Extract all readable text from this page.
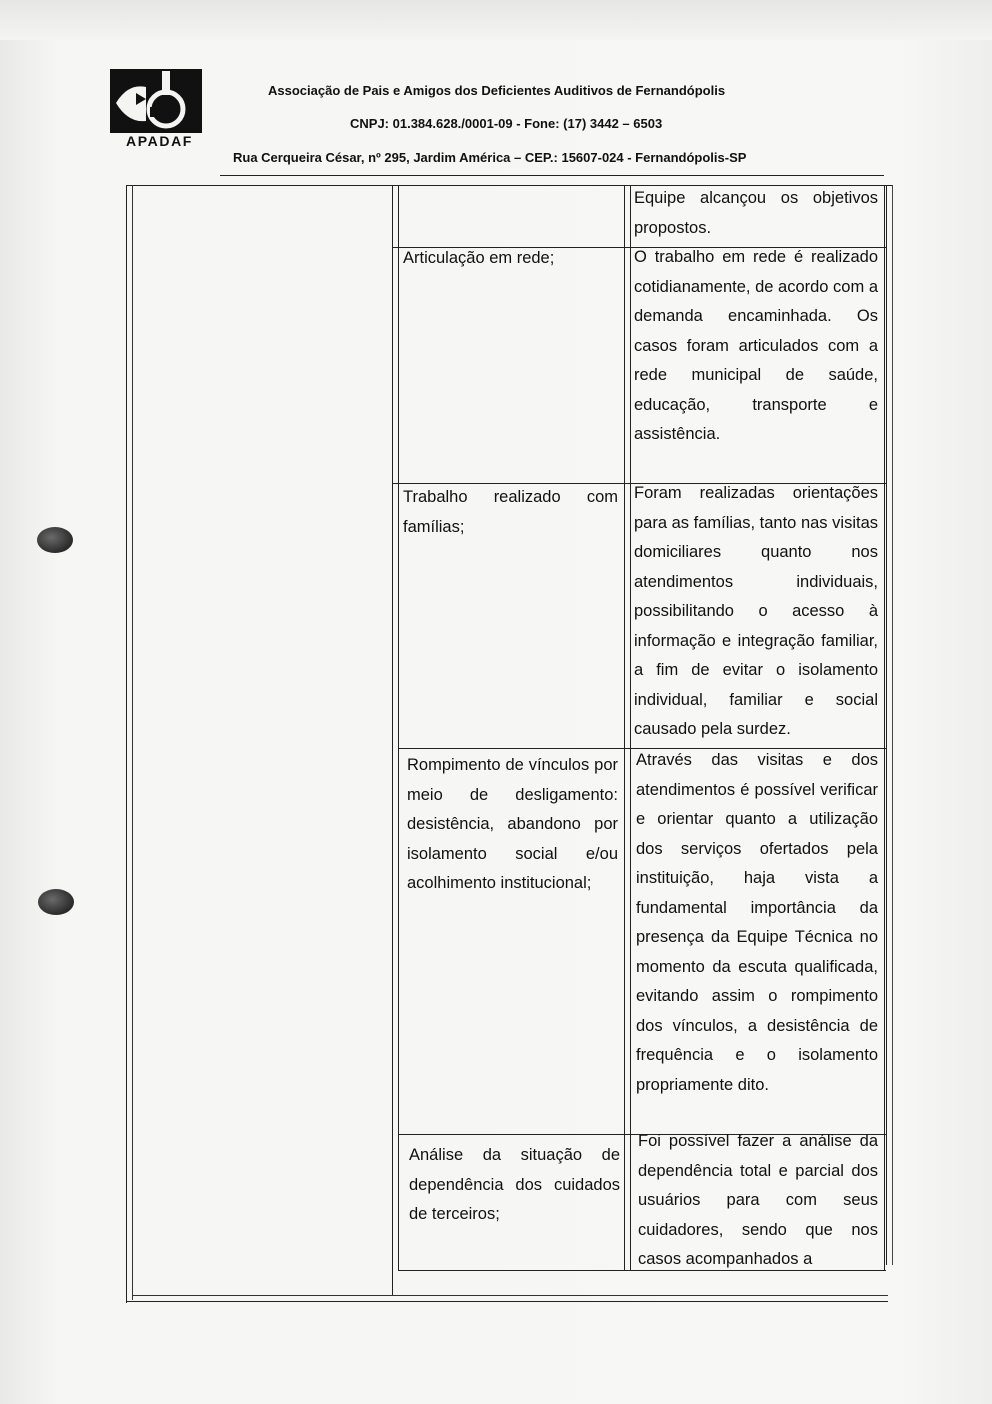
APADAF
Associação de Pais e Amigos dos Deficientes Auditivos de Fernandópolis
CNPJ: 01.384.628./0001-09 - Fone: (17) 3442 – 6503
Rua Cerqueira César, nº 295, Jardim América – CEP.: 15607-024 - Fernandópolis-SP
Equipe alcançou os objetivos propostos.
Articulação em rede;	O trabalho em rede é realizado cotidianamente, de acordo com a demanda encaminhada. Os casos foram articulados com a rede municipal de saúde, educação, transporte e assistência.
Trabalho realizado com famílias;
Foram realizadas orientações para as famílias, tanto nas visitas domiciliares quanto nos atendimentos individuais, possibilitando o acesso à informação e integração familiar, a fim de evitar o isolamento individual, familiar e social causado pela surdez.
Rompimento de vínculos por meio de desligamento: desistência, abandono por isolamento social e/ou acolhimento institucional;
Através das visitas e dos atendimentos é possível verificar e orientar quanto a utilização dos serviços ofertados pela instituição, haja vista a fundamental importância da presença da Equipe Técnica no momento da escuta qualificada, evitando assim o rompimento dos vínculos, a desistência de frequência e o isolamento propriamente dito.
Análise da situação de dependência dos cuidados de terceiros;
Foi possível fazer a análise da dependência total e parcial dos usuários para com seus cuidadores, sendo que nos casos acompanhados a
